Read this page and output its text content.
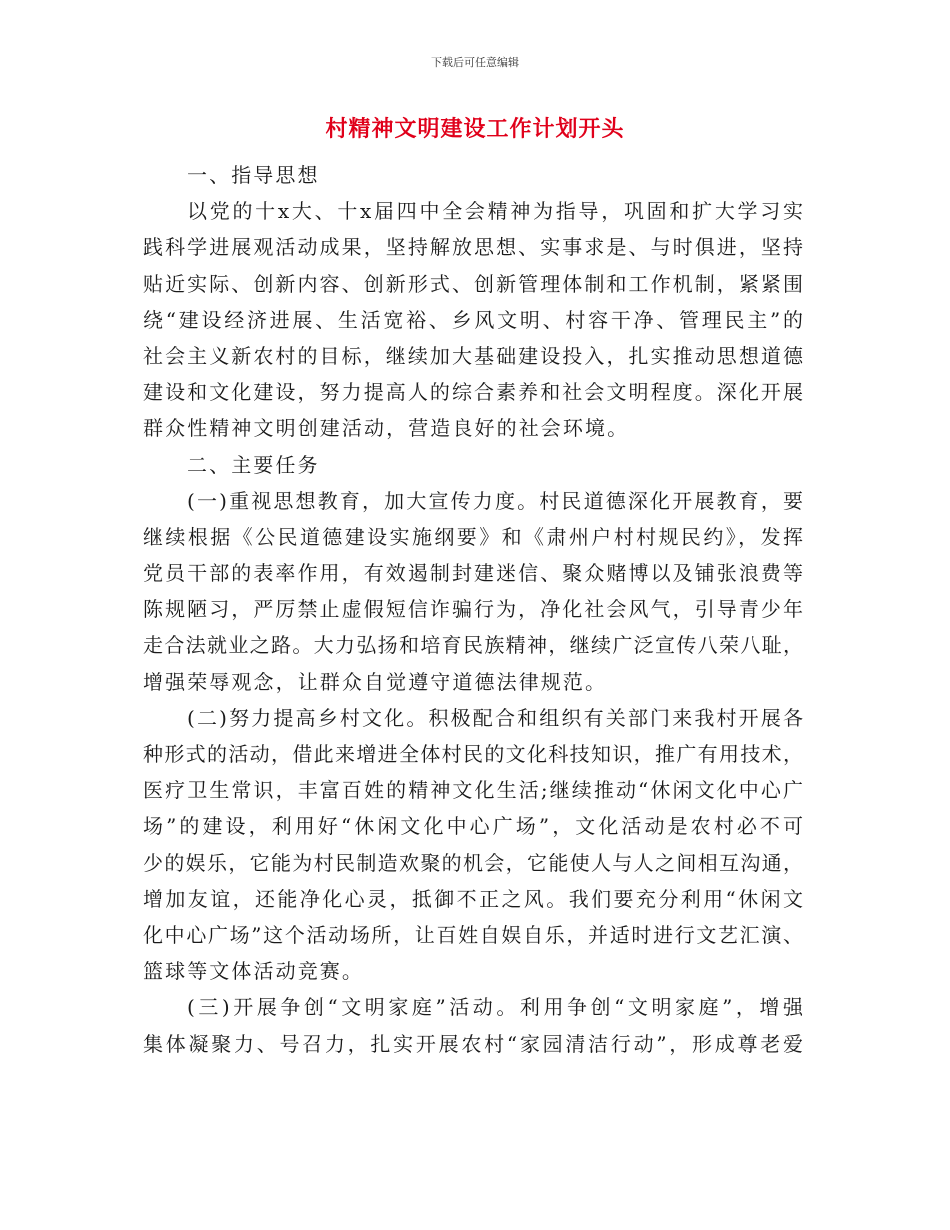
下载后可任意编辑
村精神文明建设工作计划开头
一、指导思想
以党的十x大、十x届四中全会精神为指导，巩固和扩大学习实
践科学进展观活动成果，坚持解放思想、实事求是、与时俱进，坚持
贴近实际、创新内容、创新形式、创新管理体制和工作机制，紧紧围
绕“建设经济进展、生活宽裕、乡风文明、村容干净、管理民主”的
社会主义新农村的目标，继续加大基础建设投入，扎实推动思想道德
建设和文化建设，努力提高人的综合素养和社会文明程度。深化开展
群众性精神文明创建活动，营造良好的社会环境。
二、主要任务
(一)重视思想教育，加大宣传力度。村民道德深化开展教育，要
继续根据《公民道德建设实施纲要》和《肃州户村村规民约》，发挥
党员干部的表率作用，有效遏制封建迷信、聚众赌博以及铺张浪费等
陈规陋习，严厉禁止虚假短信诈骗行为，净化社会风气，引导青少年
走合法就业之路。大力弘扬和培育民族精神，继续广泛宣传八荣八耻，
增强荣辱观念，让群众自觉遵守道德法律规范。
(二)努力提高乡村文化。积极配合和组织有关部门来我村开展各
种形式的活动，借此来增进全体村民的文化科技知识，推广有用技术，
医疗卫生常识，丰富百姓的精神文化生活;继续推动“休闲文化中心广
场”的建设，利用好“休闲文化中心广场”，文化活动是农村必不可
少的娱乐，它能为村民制造欢聚的机会，它能使人与人之间相互沟通，
增加友谊，还能净化心灵，抵御不正之风。我们要充分利用“休闲文
化中心广场”这个活动场所，让百姓自娱自乐，并适时进行文艺汇演、
篮球等文体活动竞赛。
(三)开展争创“文明家庭”活动。利用争创“文明家庭”，增强
集体凝聚力、号召力，扎实开展农村“家园清洁行动”，形成尊老爱
